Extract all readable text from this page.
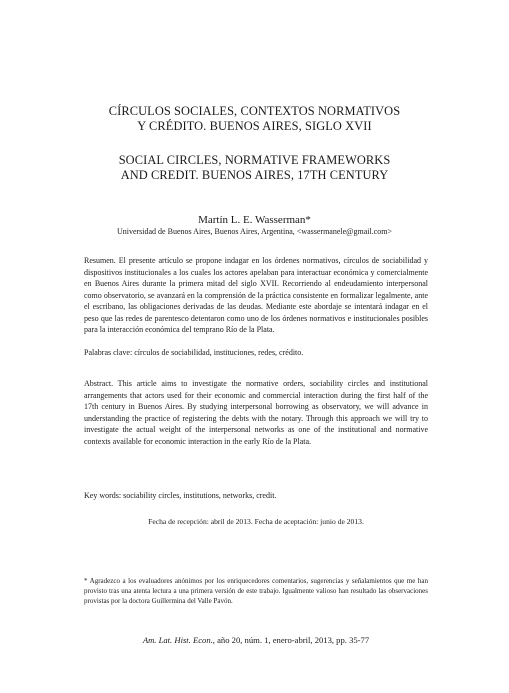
CÍRCULOS SOCIALES, CONTEXTOS NORMATIVOS
Y CRÉDITO. BUENOS AIRES, SIGLO XVII
SOCIAL CIRCLES, NORMATIVE FRAMEWORKS
AND CREDIT. BUENOS AIRES, 17TH CENTURY
Martín L. E. Wasserman*
Universidad de Buenos Aires, Buenos Aires, Argentina, <wassermanele@gmail.com>

Resumen. El presente artículo se propone indagar en los órdenes normativos, círculos de sociabilidad y dispositivos institucionales a los cuales los actores apelaban para interactuar económica y comercialmente en Buenos Aires durante la primera mitad del siglo XVII. Recorriendo al endeudamiento interpersonal como observatorio, se avanzará en la comprensión de la práctica consistente en formalizar legalmente, ante el escribano, las obligaciones derivadas de las deudas. Mediante este abordaje se intentará indagar en el peso que las redes de parentesco detentaron como uno de los órdenes normativos e institucionales posibles para la interacción económica del temprano Río de la Plata.

Palabras clave: círculos de sociabilidad, instituciones, redes, crédito.

Abstract. This article aims to investigate the normative orders, sociability circles and institutional arrangements that actors used for their economic and commercial interaction during the first half of the 17th century in Buenos Aires. By studying interpersonal borrowing as observatory, we will advance in understanding the practice of registering the debts with the notary. Through this approach we will try to investigate the actual weight of the interpersonal networks as one of the institutional and normative contexts available for economic interaction in the early Río de la Plata.

Key words: sociability circles, institutions, networks, credit.

Fecha de recepción: abril de 2013. Fecha de aceptación: junio de 2013.
* Agradezco a los evaluadores anónimos por los enriquecedores comentarios, sugerencias y señalamientos que me han provisto tras una atenta lectura a una primera versión de este trabajo. Igualmente valioso han resultado las observaciones provistas por la doctora Guillermina del Valle Pavón.
Am. Lat. Hist. Econ., año 20, núm. 1, enero-abril, 2013, pp. 35-77
